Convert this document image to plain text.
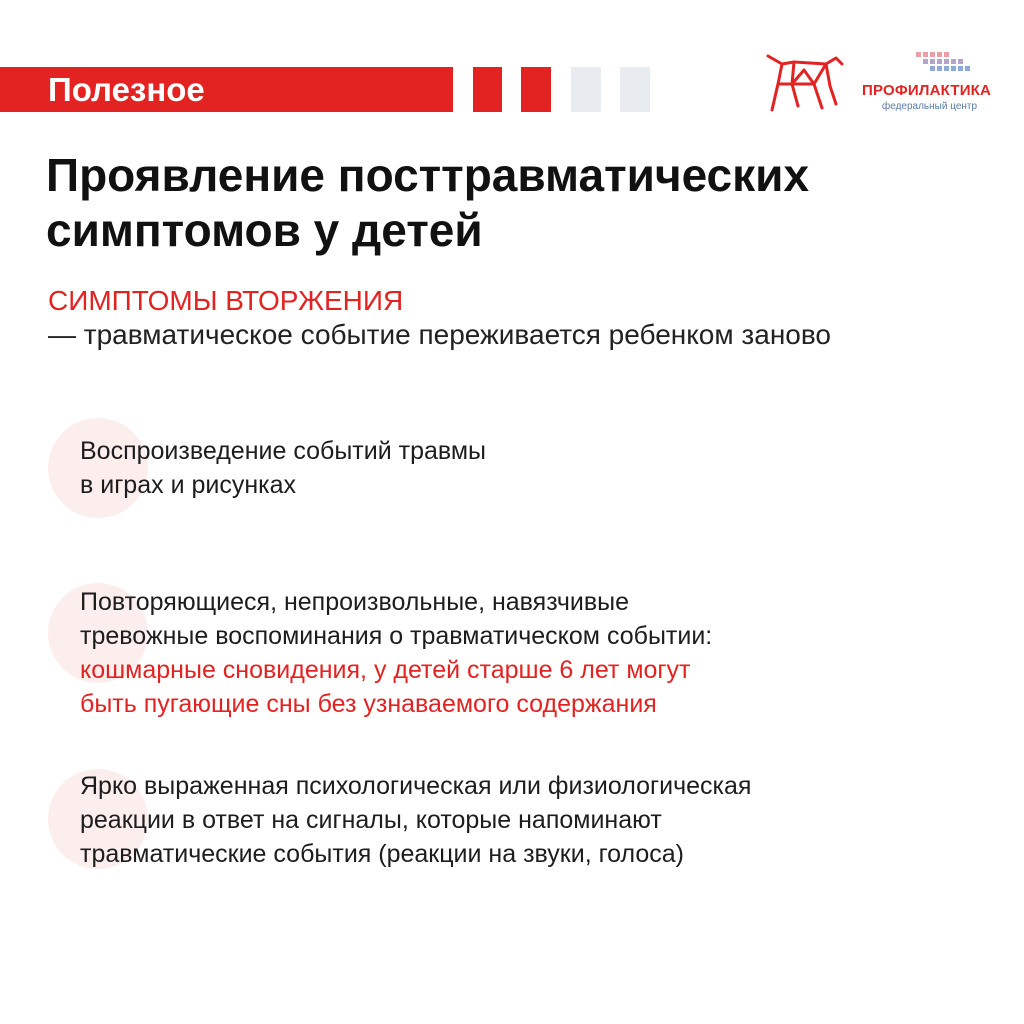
Полезное	ПРОФИЛАКТИКА
федеральный центр
Проявление посттравматических
симптомов у детей
СИМПТОМЫ ВТОРЖЕНИЯ
— травматическое событие переживается ребенком заново
Воспроизведение событий травмы
в играх и рисунках
Повторяющиеся, непроизвольные, навязчивые
тревожные воспоминания о травматическом событии:
кошмарные сновидения, у детей старше 6 лет могут
быть пугающие сны без узнаваемого содержания
Ярко выраженная психологическая или физиологическая
реакции в ответ на сигналы, которые напоминают
травматические события (реакции на звуки, голоса)
